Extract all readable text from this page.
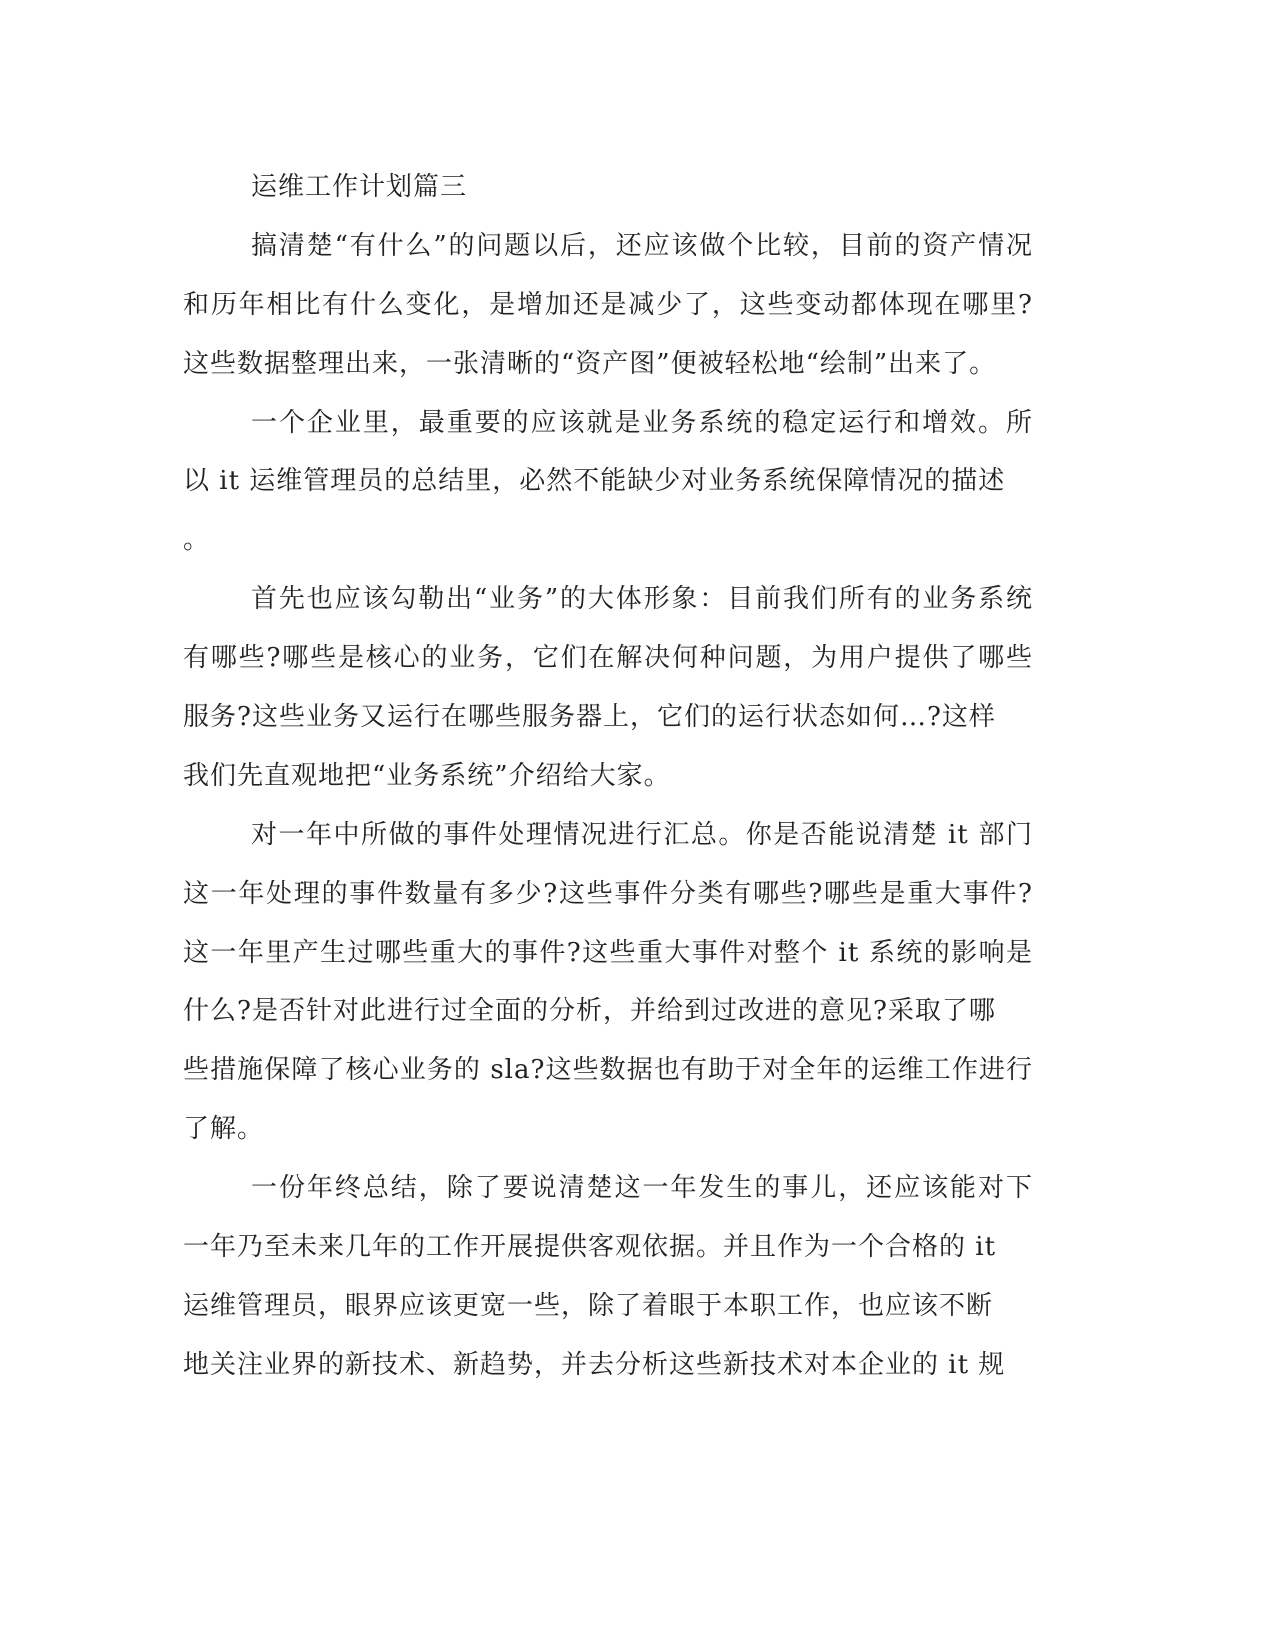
运维工作计划篇三
搞清楚“有什么”的问题以后，还应该做个比较，目前的资产情况
和历年相比有什么变化，是增加还是减少了，这些变动都体现在哪里?
这些数据整理出来，一张清晰的“资产图”便被轻松地“绘制”出来了。
一个企业里，最重要的应该就是业务系统的稳定运行和增效。所
以 it 运维管理员的总结里，必然不能缺少对业务系统保障情况的描述
。
首先也应该勾勒出“业务”的大体形象：目前我们所有的业务系统
有哪些?哪些是核心的业务，它们在解决何种问题，为用户提供了哪些
服务?这些业务又运行在哪些服务器上，它们的运行状态如何…?这样
我们先直观地把“业务系统”介绍给大家。
对一年中所做的事件处理情况进行汇总。你是否能说清楚 it 部门
这一年处理的事件数量有多少?这些事件分类有哪些?哪些是重大事件?
这一年里产生过哪些重大的事件?这些重大事件对整个 it 系统的影响是
什么?是否针对此进行过全面的分析，并给到过改进的意见?采取了哪
些措施保障了核心业务的 sla?这些数据也有助于对全年的运维工作进行
了解。
一份年终总结，除了要说清楚这一年发生的事儿，还应该能对下
一年乃至未来几年的工作开展提供客观依据。并且作为一个合格的 it
运维管理员，眼界应该更宽一些，除了着眼于本职工作，也应该不断
地关注业界的新技术、新趋势，并去分析这些新技术对本企业的 it 规
